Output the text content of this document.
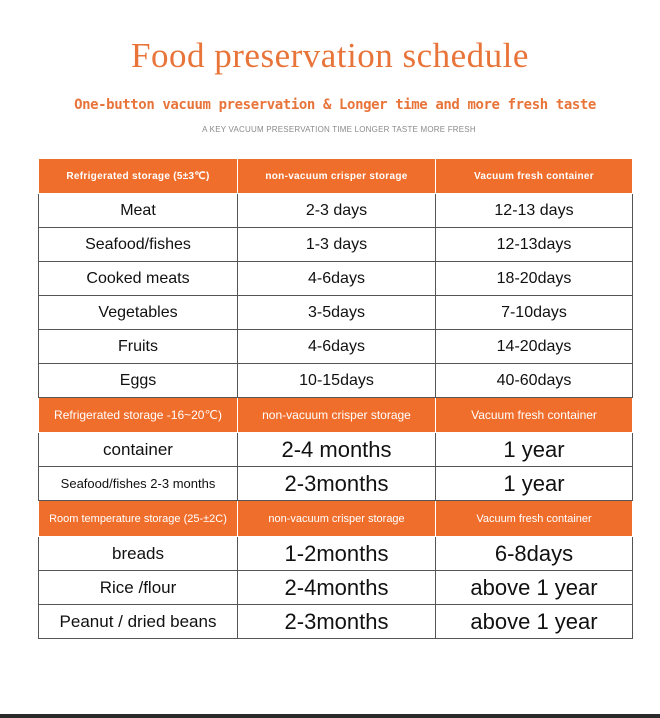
Food preservation schedule
One-button vacuum preservation & Longer time and more fresh taste
A KEY VACUUM PRESERVATION TIME LONGER TASTE MORE FRESH
Refrigerated storage (5±3℃)	non-vacuum crisper storage	Vacuum fresh container
Meat	2-3 days	12-13 days
Seafood/fishes	1-3 days	12-13days
Cooked meats	4-6days	18-20days
Vegetables	3-5days	7-10days
Fruits	4-6days	14-20days
Eggs	10-15days	40-60days
Refrigerated storage -16~20℃)	non-vacuum crisper storage	Vacuum fresh container
container	2-4 months	1 year
Seafood/fishes 2-3 months	2-3months	1 year
Room temperature storage (25-±2C)	non-vacuum crisper storage	Vacuum fresh container
breads	1-2months	6-8days
Rice /flour	2-4months	above 1 year
Peanut / dried beans	2-3months	above 1 year
